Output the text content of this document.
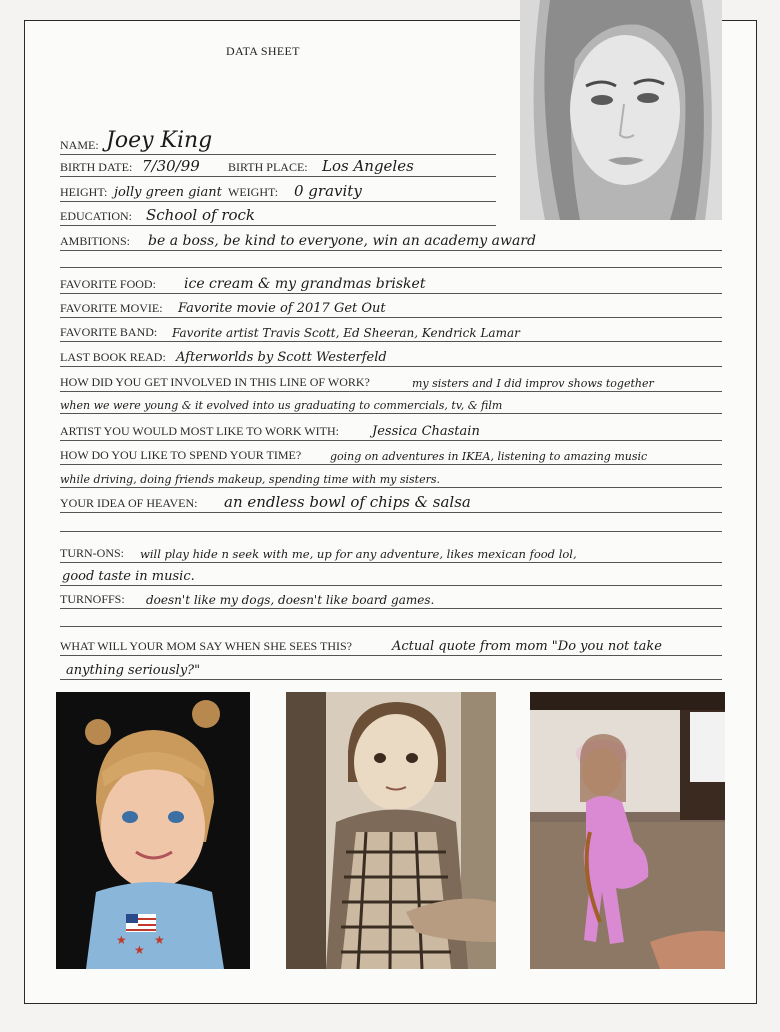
DATA SHEET
NAME: Joey King
BIRTH DATE: 7/30/99 BIRTH PLACE: Los Angeles
HEIGHT: jolly green giant WEIGHT: 0 gravity
EDUCATION: School of rock
AMBITIONS: be a boss, be kind to everyone, win an academy award
FAVORITE FOOD: ice cream & my grandmas brisket
FAVORITE MOVIE: Favorite movie of 2017 Get Out
FAVORITE BAND: Favorite artist Travis Scott, Ed Sheeran, Kendrick Lamar
LAST BOOK READ: Afterworlds by Scott Westerfeld
HOW DID YOU GET INVOLVED IN THIS LINE OF WORK?	my sisters and I did improv shows together
when we were young & it evolved into us graduating to commercials, tv, & film
ARTIST YOU WOULD MOST LIKE TO WORK WITH:	Jessica Chastain
HOW DO YOU LIKE TO SPEND YOUR TIME?	going on adventures in IKEA, listening to amazing music
while driving, doing friends makeup, spending time with my sisters.
YOUR IDEA OF HEAVEN: an endless bowl of chips & salsa
TURN-ONS: will play hide n seek with me, up for any adventure, likes mexican food lol,
good taste in music.
TURNOFFS: doesn't like my dogs, doesn't like board games.
WHAT WILL YOUR MOM SAY WHEN SHE SEES THIS?	Actual quote from mom "Do you not take
anything seriously?"
★
★
★
